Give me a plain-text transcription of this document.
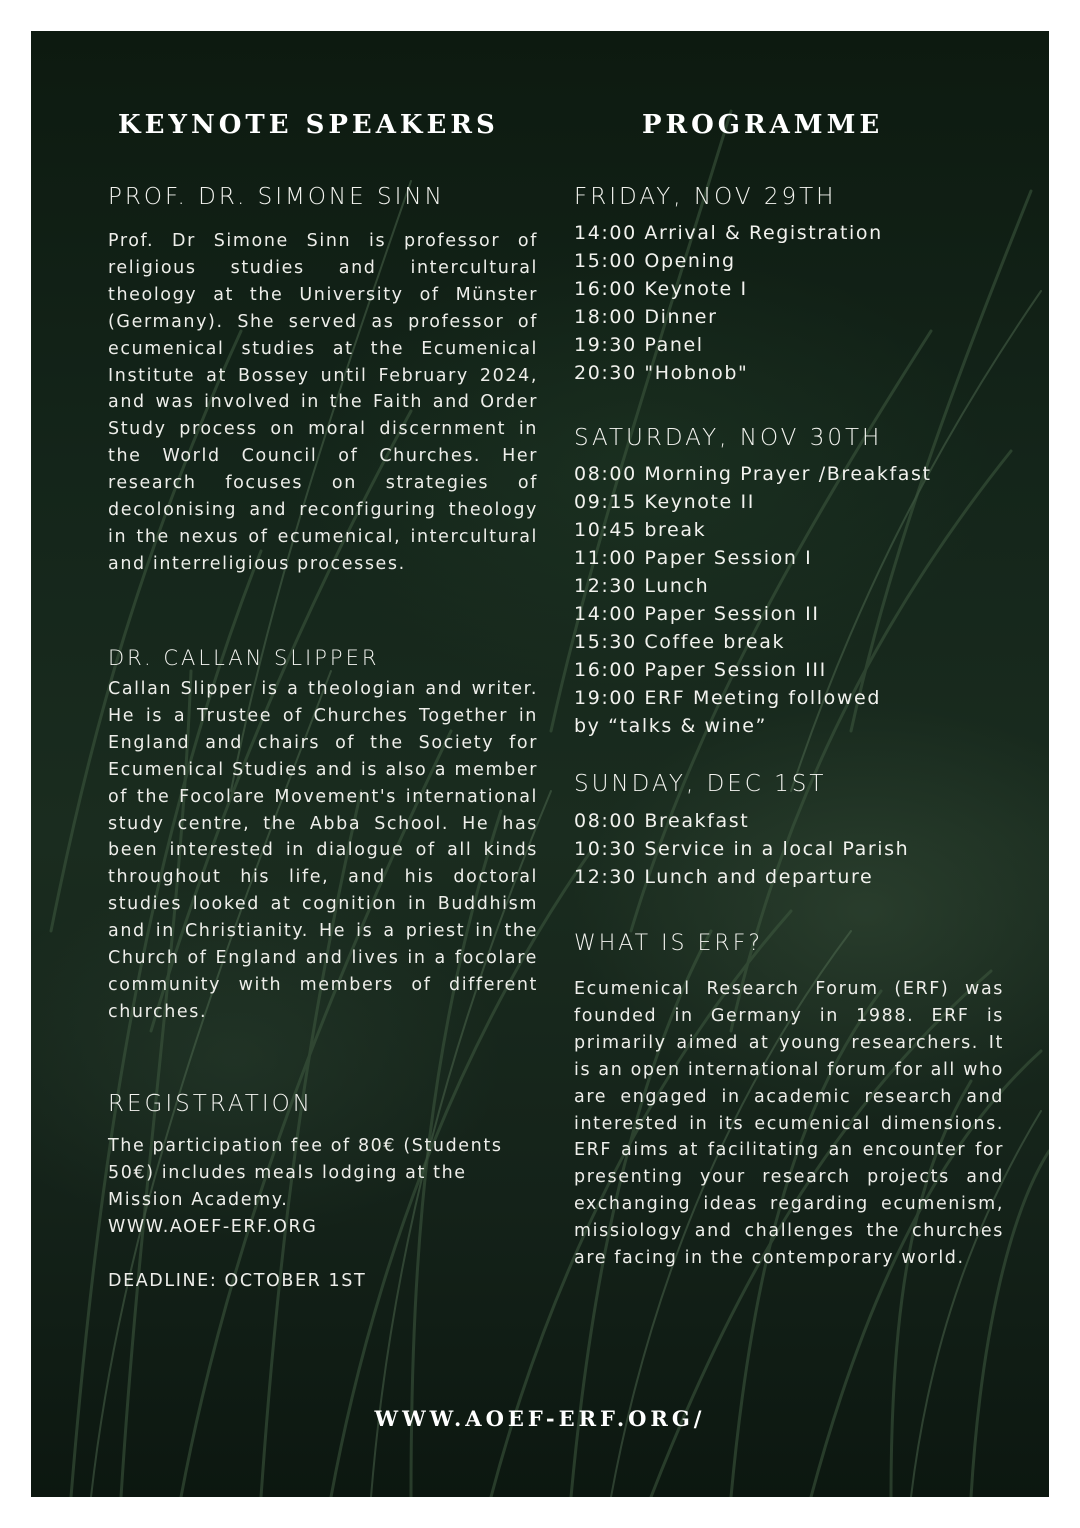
KEYNOTE SPEAKERS
PROF. DR. SIMONE SINN

Prof. Dr Simone Sinn is professor of religious studies and intercultural theology at the University of Münster (Germany). She served as professor of ecumenical studies at the Ecumenical Institute at Bossey until February 2024, and was involved in the Faith and Order Study process on moral discernment in the World Council of Churches. Her research focuses on strategies of decolonising and reconfiguring theology in the nexus of ecumenical, intercultural and interreligious processes.

DR. CALLAN SLIPPER

Callan Slipper is a theologian and writer. He is a Trustee of Churches Together in England and chairs of the Society for Ecumenical Studies and is also a member of the Focolare Movement's international study centre, the Abba School. He has been interested in dialogue of all kinds throughout his life, and his doctoral studies looked at cognition in Buddhism and in Christianity. He is a priest in the Church of England and lives in a focolare community with members of different churches.

REGISTRATION

The participation fee of 80€ (Students 50€) includes meals lodging at the Mission Academy.

WWW.AOEF-ERF.ORG

DEADLINE: OCTOBER 1ST

PROGRAMME
FRIDAY, NOV 29TH
14:00 Arrival & Registration
15:00 Opening
16:00 Keynote I
18:00 Dinner
19:30 Panel
20:30 "Hobnob"
SATURDAY, NOV 30TH
08:00 Morning Prayer /Breakfast
09:15 Keynote II
10:45 break
11:00 Paper Session I
12:30 Lunch
14:00 Paper Session II
15:30 Coffee break
16:00 Paper Session III
19:00 ERF Meeting followed
by “talks & wine”
SUNDAY, DEC 1ST
08:00 Breakfast
10:30 Service in a local Parish
12:30 Lunch and departure
WHAT IS ERF?

Ecumenical Research Forum (ERF) was founded in Germany in 1988. ERF is primarily aimed at young researchers. It is an open international forum for all who are engaged in academic research and interested in its ecumenical dimensions. ERF aims at facilitating an encounter for presenting your research projects and exchanging ideas regarding ecumenism, missiology and challenges the churches are facing in the contemporary world.

WWW.AOEF-ERF.ORG/
